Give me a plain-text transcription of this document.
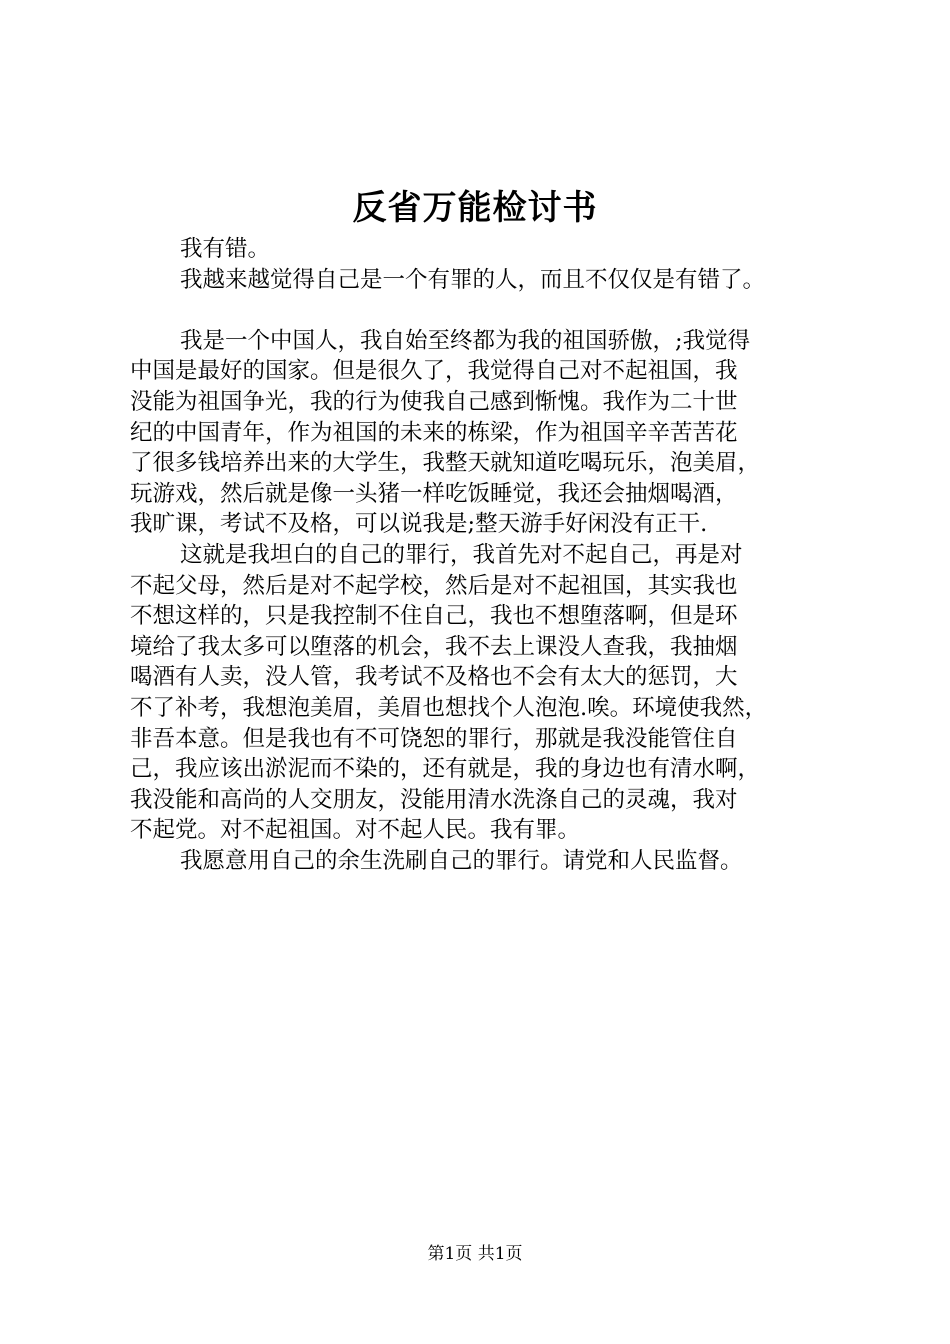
反省万能检讨书
我有错。
我越来越觉得自己是一个有罪的人，而且不仅仅是有错了。
我是一个中国人，我自始至终都为我的祖国骄傲，;我觉得
中国是最好的国家。但是很久了，我觉得自己对不起祖国，我
没能为祖国争光，我的行为使我自己感到惭愧。我作为二十世
纪的中国青年，作为祖国的未来的栋梁，作为祖国辛辛苦苦花
了很多钱培养出来的大学生，我整天就知道吃喝玩乐，泡美眉，
玩游戏，然后就是像一头猪一样吃饭睡觉，我还会抽烟喝酒，
我旷课，考试不及格，可以说我是;整天游手好闲没有正干.
这就是我坦白的自己的罪行，我首先对不起自己，再是对
不起父母，然后是对不起学校，然后是对不起祖国，其实我也
不想这样的，只是我控制不住自己，我也不想堕落啊，但是环
境给了我太多可以堕落的机会，我不去上课没人查我，我抽烟
喝酒有人卖，没人管，我考试不及格也不会有太大的惩罚，大
不了补考，我想泡美眉，美眉也想找个人泡泡.唉。环境使我然，
非吾本意。但是我也有不可饶恕的罪行，那就是我没能管住自
己，我应该出淤泥而不染的，还有就是，我的身边也有清水啊，
我没能和高尚的人交朋友，没能用清水洗涤自己的灵魂，我对
不起党。对不起祖国。对不起人民。我有罪。
我愿意用自己的余生洗刷自己的罪行。请党和人民监督。
第1页 共1页
